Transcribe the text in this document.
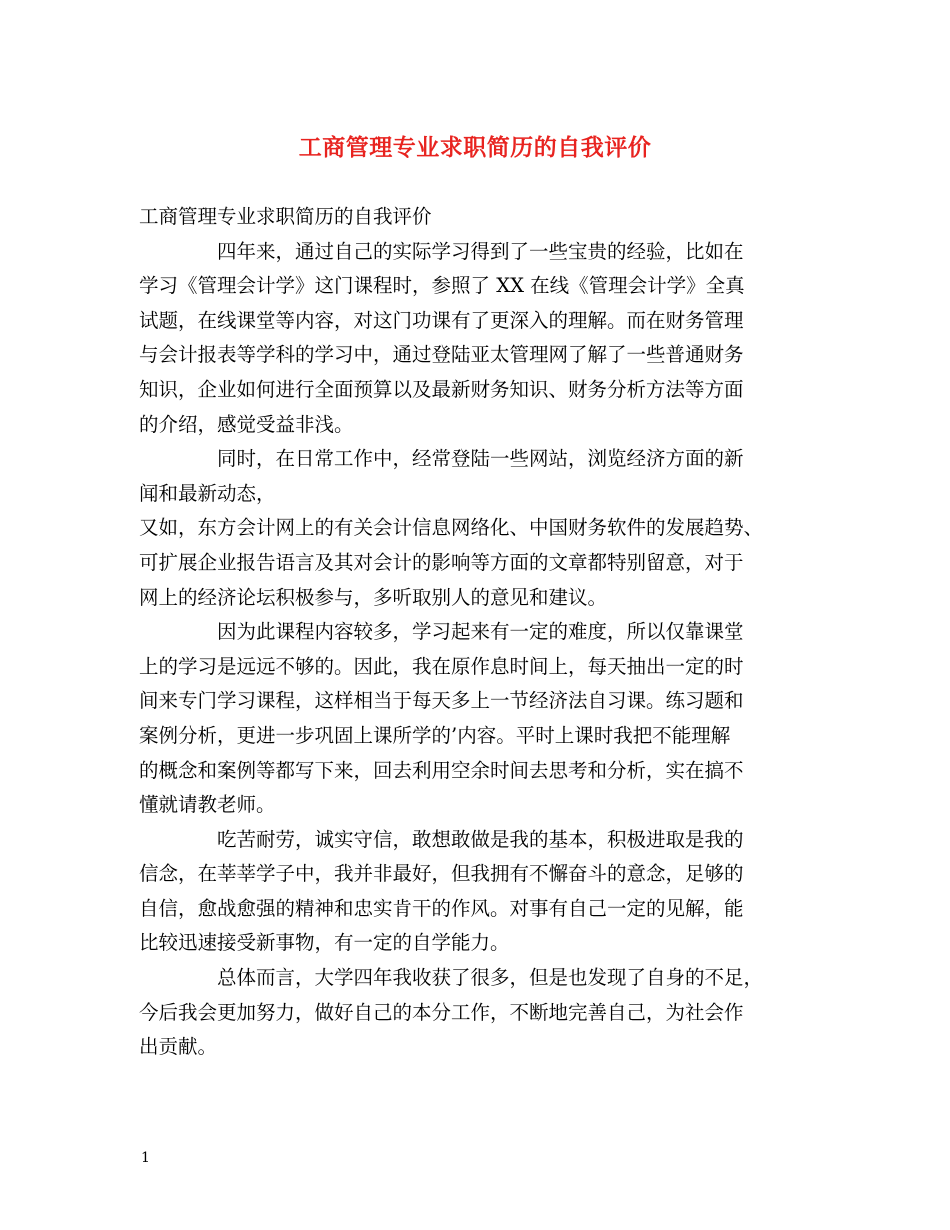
工商管理专业求职简历的自我评价

工商管理专业求职简历的自我评价

四年来，通过自己的实际学习得到了一些宝贵的经验，比如在
学习《管理会计学》这门课程时，参照了 XX 在线《管理会计学》全真
试题，在线课堂等内容，对这门功课有了更深入的理解。而在财务管理
与会计报表等学科的学习中，通过登陆亚太管理网了解了一些普通财务
知识，企业如何进行全面预算以及最新财务知识、财务分析方法等方面
的介绍，感觉受益非浅。

同时，在日常工作中，经常登陆一些网站，浏览经济方面的新
闻和最新动态，

又如，东方会计网上的有关会计信息网络化、中国财务软件的发展趋势、
可扩展企业报告语言及其对会计的影响等方面的文章都特别留意，对于
网上的经济论坛积极参与，多听取别人的意见和建议。

因为此课程内容较多，学习起来有一定的难度，所以仅靠课堂
上的学习是远远不够的。因此，我在原作息时间上，每天抽出一定的时
间来专门学习课程，这样相当于每天多上一节经济法自习课。练习题和
案例分析，更进一步巩固上课所学的’内容。平时上课时我把不能理解
的概念和案例等都写下来，回去利用空余时间去思考和分析，实在搞不
懂就请教老师。

吃苦耐劳，诚实守信，敢想敢做是我的基本，积极进取是我的
信念，在莘莘学子中，我并非最好，但我拥有不懈奋斗的意念，足够的
自信，愈战愈强的精神和忠实肯干的作风。对事有自己一定的见解，能
比较迅速接受新事物，有一定的自学能力。

总体而言，大学四年我收获了很多，但是也发现了自身的不足，
今后我会更加努力，做好自己的本分工作，不断地完善自己，为社会作
出贡献。

1
